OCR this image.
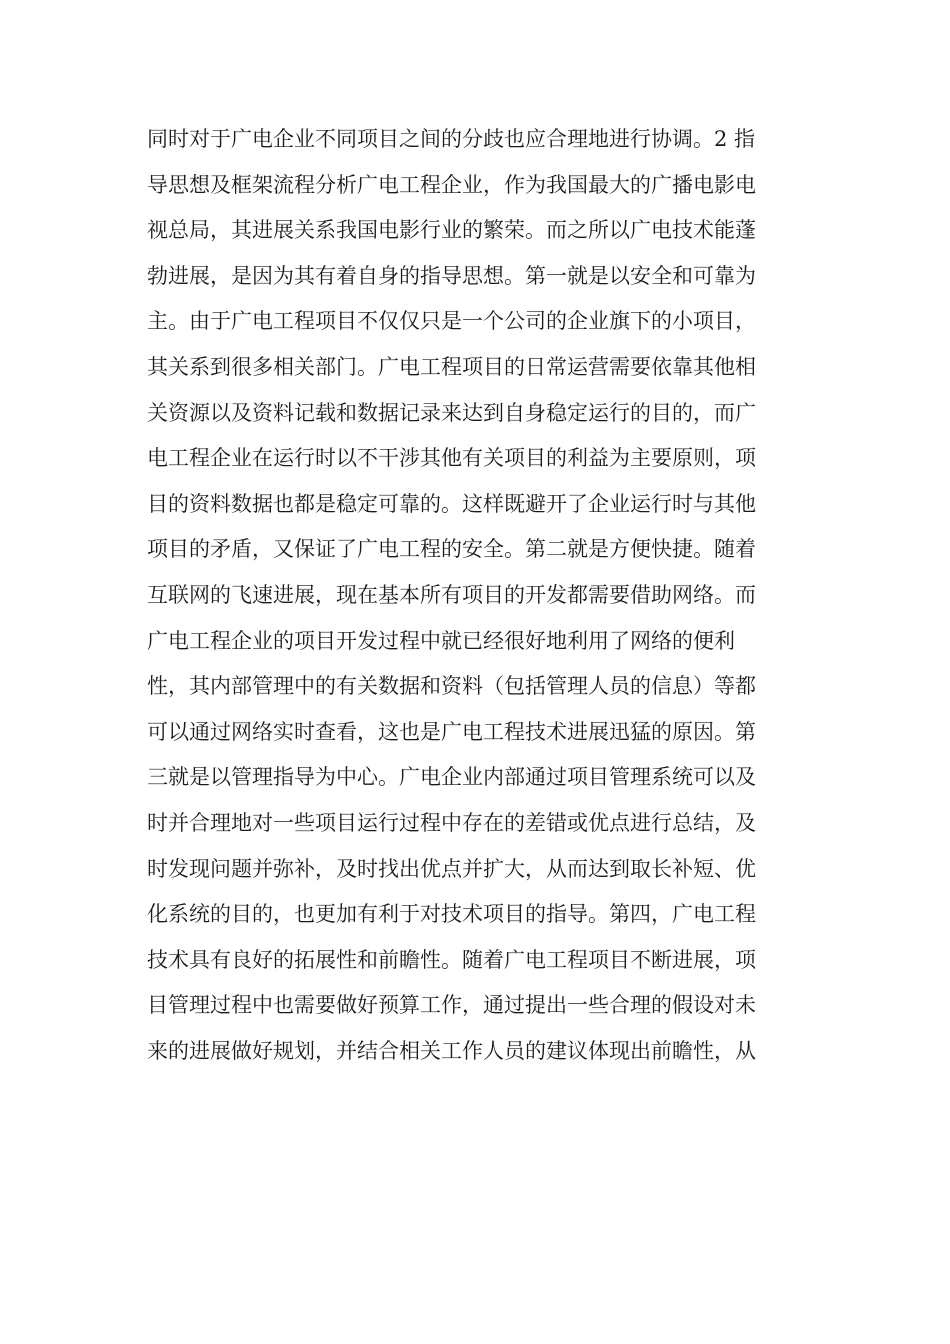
同时对于广电企业不同项目之间的分歧也应合理地进行协调。2 指
导思想及框架流程分析广电工程企业，作为我国最大的广播电影电
视总局，其进展关系我国电影行业的繁荣。而之所以广电技术能蓬
勃进展，是因为其有着自身的指导思想。第一就是以安全和可靠为
主。由于广电工程项目不仅仅只是一个公司的企业旗下的小项目，
其关系到很多相关部门。广电工程项目的日常运营需要依靠其他相
关资源以及资料记载和数据记录来达到自身稳定运行的目的，而广
电工程企业在运行时以不干涉其他有关项目的利益为主要原则，项
目的资料数据也都是稳定可靠的。这样既避开了企业运行时与其他
项目的矛盾，又保证了广电工程的安全。第二就是方便快捷。随着
互联网的飞速进展，现在基本所有项目的开发都需要借助网络。而
广电工程企业的项目开发过程中就已经很好地利用了网络的便利
性，其内部管理中的有关数据和资料（包括管理人员的信息）等都
可以通过网络实时查看，这也是广电工程技术进展迅猛的原因。第
三就是以管理指导为中心。广电企业内部通过项目管理系统可以及
时并合理地对一些项目运行过程中存在的差错或优点进行总结，及
时发现问题并弥补，及时找出优点并扩大，从而达到取长补短、优
化系统的目的，也更加有利于对技术项目的指导。第四，广电工程
技术具有良好的拓展性和前瞻性。随着广电工程项目不断进展，项
目管理过程中也需要做好预算工作，通过提出一些合理的假设对未
来的进展做好规划，并结合相关工作人员的建议体现出前瞻性，从
